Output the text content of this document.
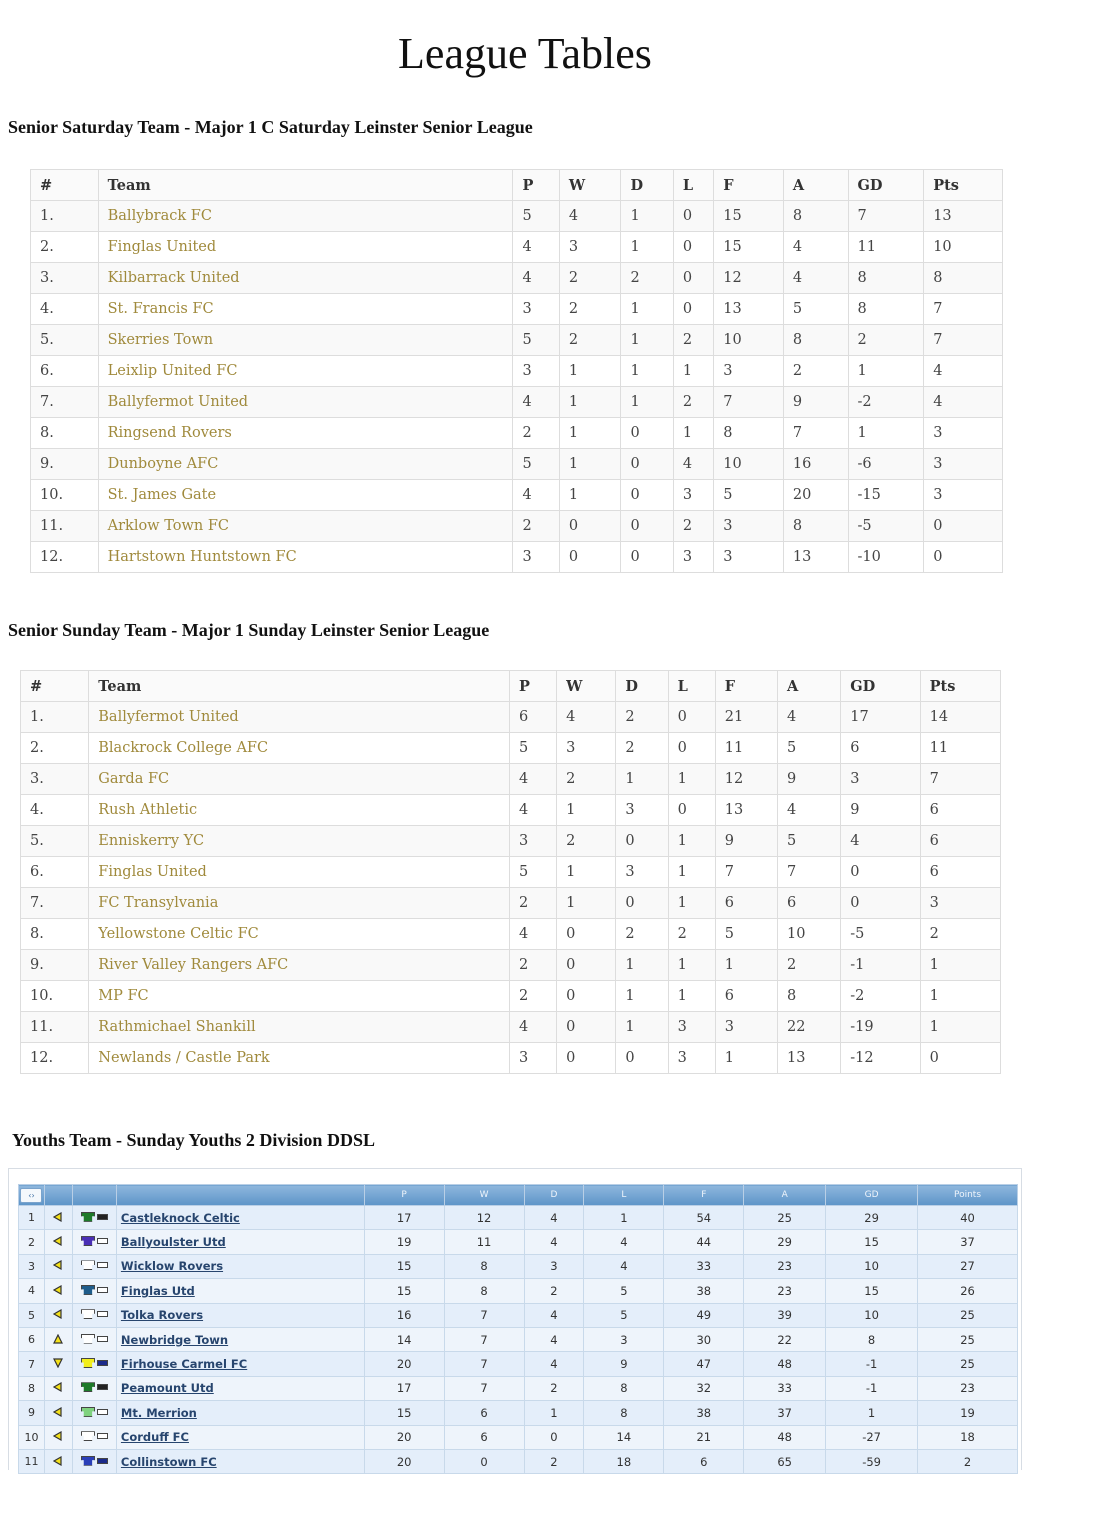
League Tables
Senior Saturday Team - Major 1 C Saturday Leinster Senior League
#	Team	P	W	D	L	F	A	GD	Pts
1.	Ballybrack FC	5	4	1	0	15	8	7	13
2.	Finglas United	4	3	1	0	15	4	11	10
3.	Kilbarrack United	4	2	2	0	12	4	8	8
4.	St. Francis FC	3	2	1	0	13	5	8	7
5.	Skerries Town	5	2	1	2	10	8	2	7
6.	Leixlip United FC	3	1	1	1	3	2	1	4
7.	Ballyfermot United	4	1	1	2	7	9	-2	4
8.	Ringsend Rovers	2	1	0	1	8	7	1	3
9.	Dunboyne AFC	5	1	0	4	10	16	-6	3
10.	St. James Gate	4	1	0	3	5	20	-15	3
11.	Arklow Town FC	2	0	0	2	3	8	-5	0
12.	Hartstown Huntstown FC	3	0	0	3	3	13	-10	0
Senior Sunday Team - Major 1 Sunday Leinster Senior League
#	Team	P	W	D	L	F	A	GD	Pts
1.	Ballyfermot United	6	4	2	0	21	4	17	14
2.	Blackrock College AFC	5	3	2	0	11	5	6	11
3.	Garda FC	4	2	1	1	12	9	3	7
4.	Rush Athletic	4	1	3	0	13	4	9	6
5.	Enniskerry YC	3	2	0	1	9	5	4	6
6.	Finglas United	5	1	3	1	7	7	0	6
7.	FC Transylvania	2	1	0	1	6	6	0	3
8.	Yellowstone Celtic FC	4	0	2	2	5	10	-5	2
9.	River Valley Rangers AFC	2	0	1	1	1	2	-1	1
10.	MP FC	2	0	1	1	6	8	-2	1
11.	Rathmichael Shankill	4	0	1	3	3	22	-19	1
12.	Newlands / Castle Park	3	0	0	3	1	13	-12	0
Youths Team - Sunday Youths 2 Division DDSL
‹›				P	W	D	L	F	A	GD	Points
1			Castleknock Celtic	17	12	4	1	54	25	29	40
2			Ballyoulster Utd	19	11	4	4	44	29	15	37
3			Wicklow Rovers	15	8	3	4	33	23	10	27
4			Finglas Utd	15	8	2	5	38	23	15	26
5			Tolka Rovers	16	7	4	5	49	39	10	25
6			Newbridge Town	14	7	4	3	30	22	8	25
7			Firhouse Carmel FC	20	7	4	9	47	48	-1	25
8			Peamount Utd	17	7	2	8	32	33	-1	23
9			Mt. Merrion	15	6	1	8	38	37	1	19
10			Corduff FC	20	6	0	14	21	48	-27	18
11			Collinstown FC	20	0	2	18	6	65	-59	2
